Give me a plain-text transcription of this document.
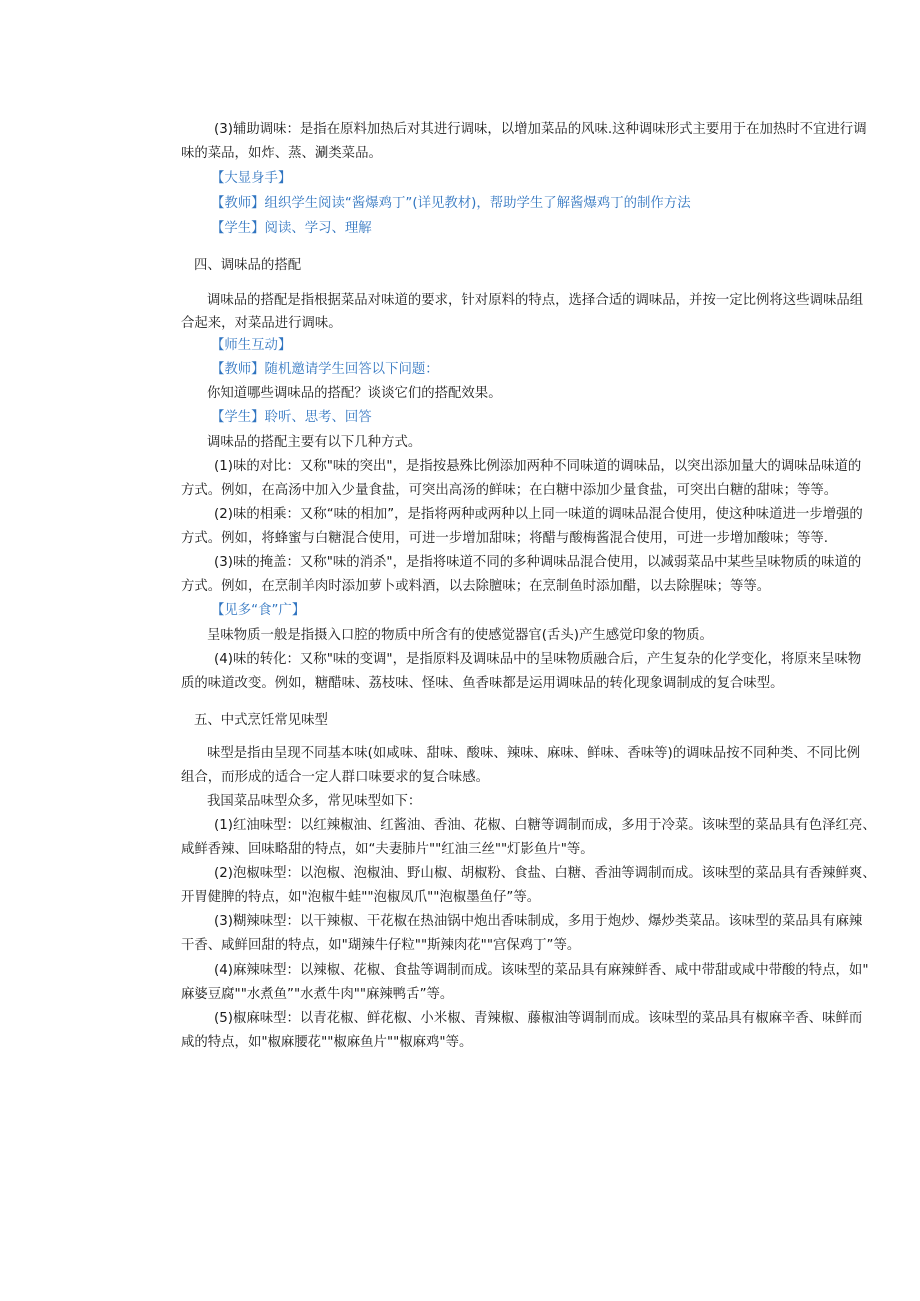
(3)辅助调味：是指在原料加热后对其进行调味，以增加菜品的风味.这种调味形式主要用于在加热时不宜进行调
味的菜品，如炸、蒸、涮类菜品。
【大显身手】
【教师】组织学生阅读“酱爆鸡丁”(详见教材)，帮助学生了解酱爆鸡丁的制作方法
【学生】阅读、学习、理解
四、调味品的搭配
调味品的搭配是指根据菜品对味道的要求，针对原料的特点，选择合适的调味品，并按一定比例将这些调味品组
合起来，对菜品进行调味。
【师生互动】
【教师】随机邀请学生回答以下问题：
你知道哪些调味品的搭配？谈谈它们的搭配效果。
【学生】聆听、思考、回答
调味品的搭配主要有以下几种方式。
(1)味的对比：又称"味的突出"，是指按悬殊比例添加两种不同味道的调味品，以突出添加量大的调味品味道的
方式。例如，在高汤中加入少量食盐，可突出高汤的鲜味；在白糖中添加少量食盐，可突出白糖的甜味；等等。
(2)味的相乘：又称“味的相加”，是指将两种或两种以上同一味道的调味品混合使用，使这种味道进一步增强的
方式。例如，将蜂蜜与白糖混合使用，可进一步增加甜味；将醋与酸梅酱混合使用，可进一步增加酸味；等等.
(3)味的掩盖：又称"味的消杀"，是指将味道不同的多种调味品混合使用，以减弱菜品中某些呈味物质的味道的
方式。例如，在烹制羊肉时添加萝卜或料酒，以去除膻味；在烹制鱼时添加醋，以去除腥味；等等。
【见多“食”广】
呈味物质一般是指摄入口腔的物质中所含有的使感觉器官(舌头)产生感觉印象的物质。
(4)味的转化：又称"味的变调"，是指原料及调味品中的呈味物质融合后，产生复杂的化学变化，将原来呈味物
质的味道改变。例如，糖醋味、荔枝味、怪味、鱼香味都是运用调味品的转化现象调制成的复合味型。
五、中式烹饪常见味型
味型是指由呈现不同基本味(如咸味、甜味、酸味、辣味、麻味、鲜味、香味等)的调味品按不同种类、不同比例
组合，而形成的适合一定人群口味要求的复合味感。
我国菜品味型众多，常见味型如下：
(1)红油味型：以红辣椒油、红酱油、香油、花椒、白糖等调制而成，多用于冷菜。该味型的菜品具有色泽红亮、
咸鲜香辣、回味略甜的特点，如“夫妻肺片""红油三丝""灯影鱼片"等。
(2)泡椒味型：以泡椒、泡椒油、野山椒、胡椒粉、食盐、白糖、香油等调制而成。该味型的菜品具有香辣鲜爽、
开胃健脾的特点，如"泡椒牛蛙""泡椒凤爪""泡椒墨鱼仔”等。
(3)糊辣味型：以干辣椒、干花椒在热油锅中炮出香味制成，多用于炮炒、爆炒类菜品。该味型的菜品具有麻辣
干香、咸鲜回甜的特点，如"瑚辣牛仔粒""斯辣肉花""宫保鸡丁”等。
(4)麻辣味型：以辣椒、花椒、食盐等调制而成。该味型的菜品具有麻辣鲜香、咸中带甜或咸中带酸的特点，如"
麻婆豆腐""水煮鱼”"水煮牛肉""麻辣鸭舌”等。
(5)椒麻味型：以青花椒、鲜花椒、小米椒、青辣椒、藤椒油等调制而成。该味型的菜品具有椒麻辛香、味鲜而
咸的特点，如"椒麻腰花""椒麻鱼片""椒麻鸡"等。
